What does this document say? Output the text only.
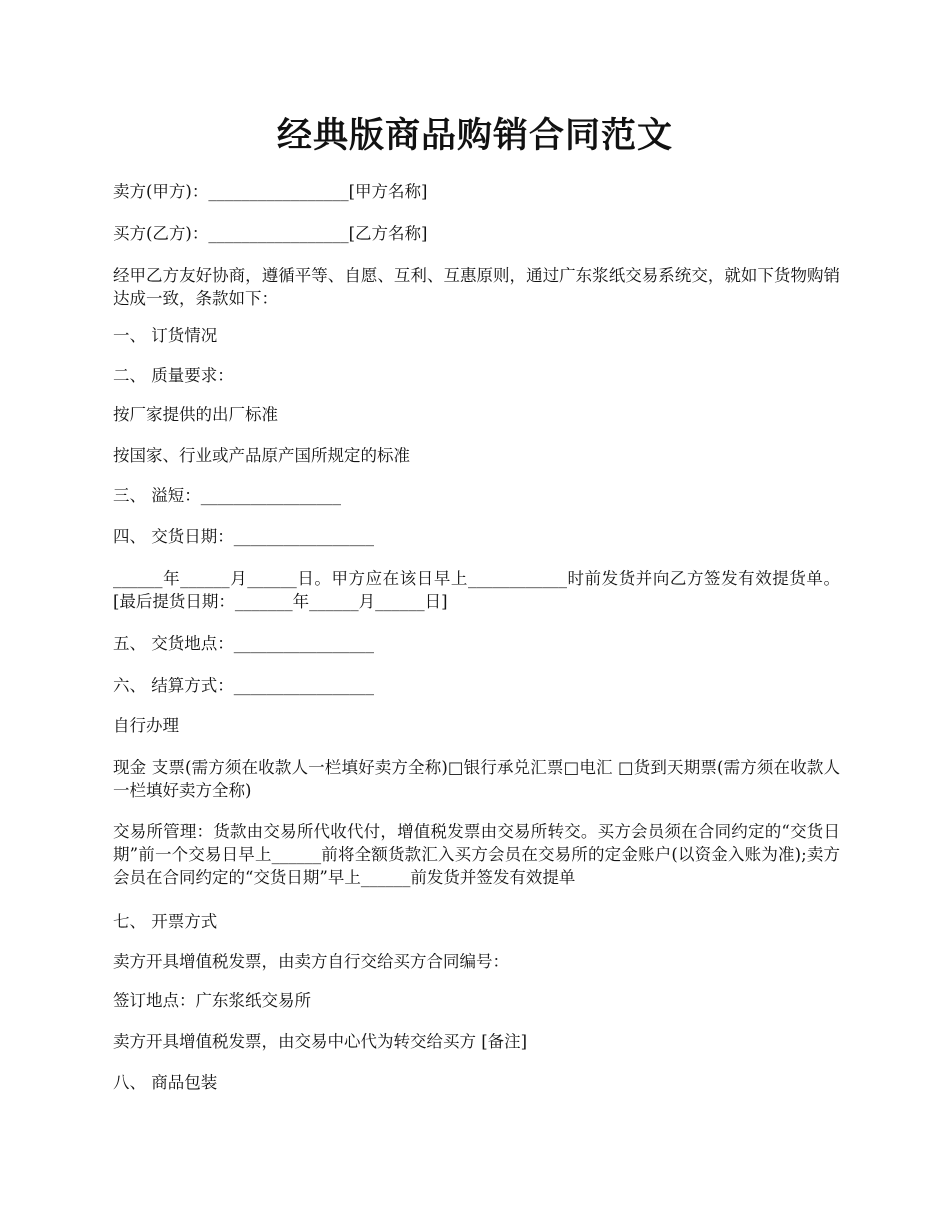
经典版商品购销合同范文
卖方(甲方)：_________________[甲方名称]
买方(乙方)：_________________[乙方名称]
经甲乙方友好协商，遵循平等、自愿、互利、互惠原则，通过广东浆纸交易系统交，就如下货物购销达成一致，条款如下：
一、 订货情况
二、 质量要求：
按厂家提供的出厂标准
按国家、行业或产品原产国所规定的标准
三、 溢短：_________________
四、 交货日期：_________________
______年______月______日。甲方应在该日早上____________时前发货并向乙方签发有效提货单。 [最后提货日期：_______年______月______日]
五、 交货地点：_________________
六、 结算方式：_________________
自行办理
现金 支票(需方须在收款人一栏填好卖方全称)□银行承兑汇票□电汇 □货到天期票(需方须在收款人一栏填好卖方全称)
交易所管理：货款由交易所代收代付，增值税发票由交易所转交。买方会员须在合同约定的“交货日期”前一个交易日早上______前将全额货款汇入买方会员在交易所的定金账户(以资金入账为准);卖方会员在合同约定的“交货日期”早上______前发货并签发有效提单
七、 开票方式
卖方开具增值税发票，由卖方自行交给买方合同编号：
签订地点：广东浆纸交易所
卖方开具增值税发票，由交易中心代为转交给买方 [备注]
八、 商品包装
